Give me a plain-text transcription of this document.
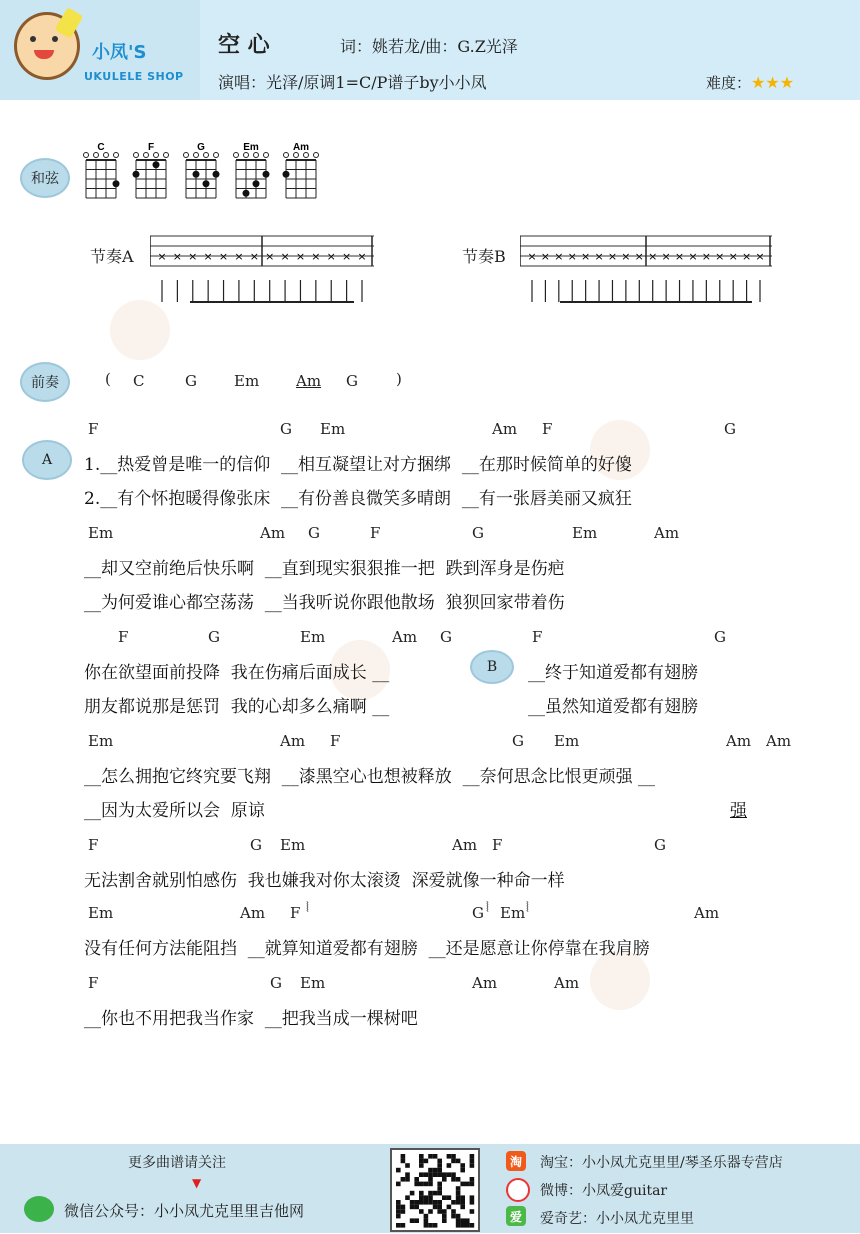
小凤'S
UKULELE SHOP
空 心	词：姚若龙/曲：G.Z光泽
演唱：光泽/原调1=C/P谱子by小小凤	难度：★★★
和弦
C	F	G	Em	Am
节奏A × × × × × × × × × × × × × ×	节奏B × × × × × × × × × × × × × × × × × ×
前奏	( C	G Em Am	G	)
A
F	G Em	Am F	G
1.__热爱曾是唯一的信仰  __相互凝望让对方捆绑  __在那时候简单的好傻
2.__有个怀抱暖得像张床  __有份善良微笑多晴朗  __有一张唇美丽又疯狂
Em	Am G	F	G	Em	Am
__却又空前绝后快乐啊  __直到现实狠狠推一把  跌到浑身是伤疤
__为何爱谁心都空荡荡  __当我听说你跟他散场  狼狈回家带着伤
F	G	Em	Am G	F	G
你在欲望面前投降  我在伤痛后面成长 __	B	__终于知道爱都有翅膀
朋友都说那是惩罚  我的心却多么痛啊 __	__虽然知道爱都有翅膀
Em	Am F	G Em	Am Am
__怎么拥抱它终究要飞翔  __漆黑空心也想被释放  __奈何思念比恨更顽强 __
__因为太爱所以会  原谅	强
F	G Em	Am F	G
无法割舍就别怕感伤  我也嫌我对你太滚烫  深爱就像一种命一样
Em	Am F	G Em	Am
⦚	⦚	⦚
没有任何方法能阻挡  __就算知道爱都有翅膀  __还是愿意让你停靠在我肩膀
F	G Em	Am	Am
__你也不用把我当作家  __把我当成一棵树吧
更多曲谱请关注
▼
微信公众号：小小凤尤克里里吉他网
淘 淘宝：小小凤尤克里里/琴圣乐器专营店
微博：小凤爱guitar
爱 爱奇艺：小小凤尤克里里
